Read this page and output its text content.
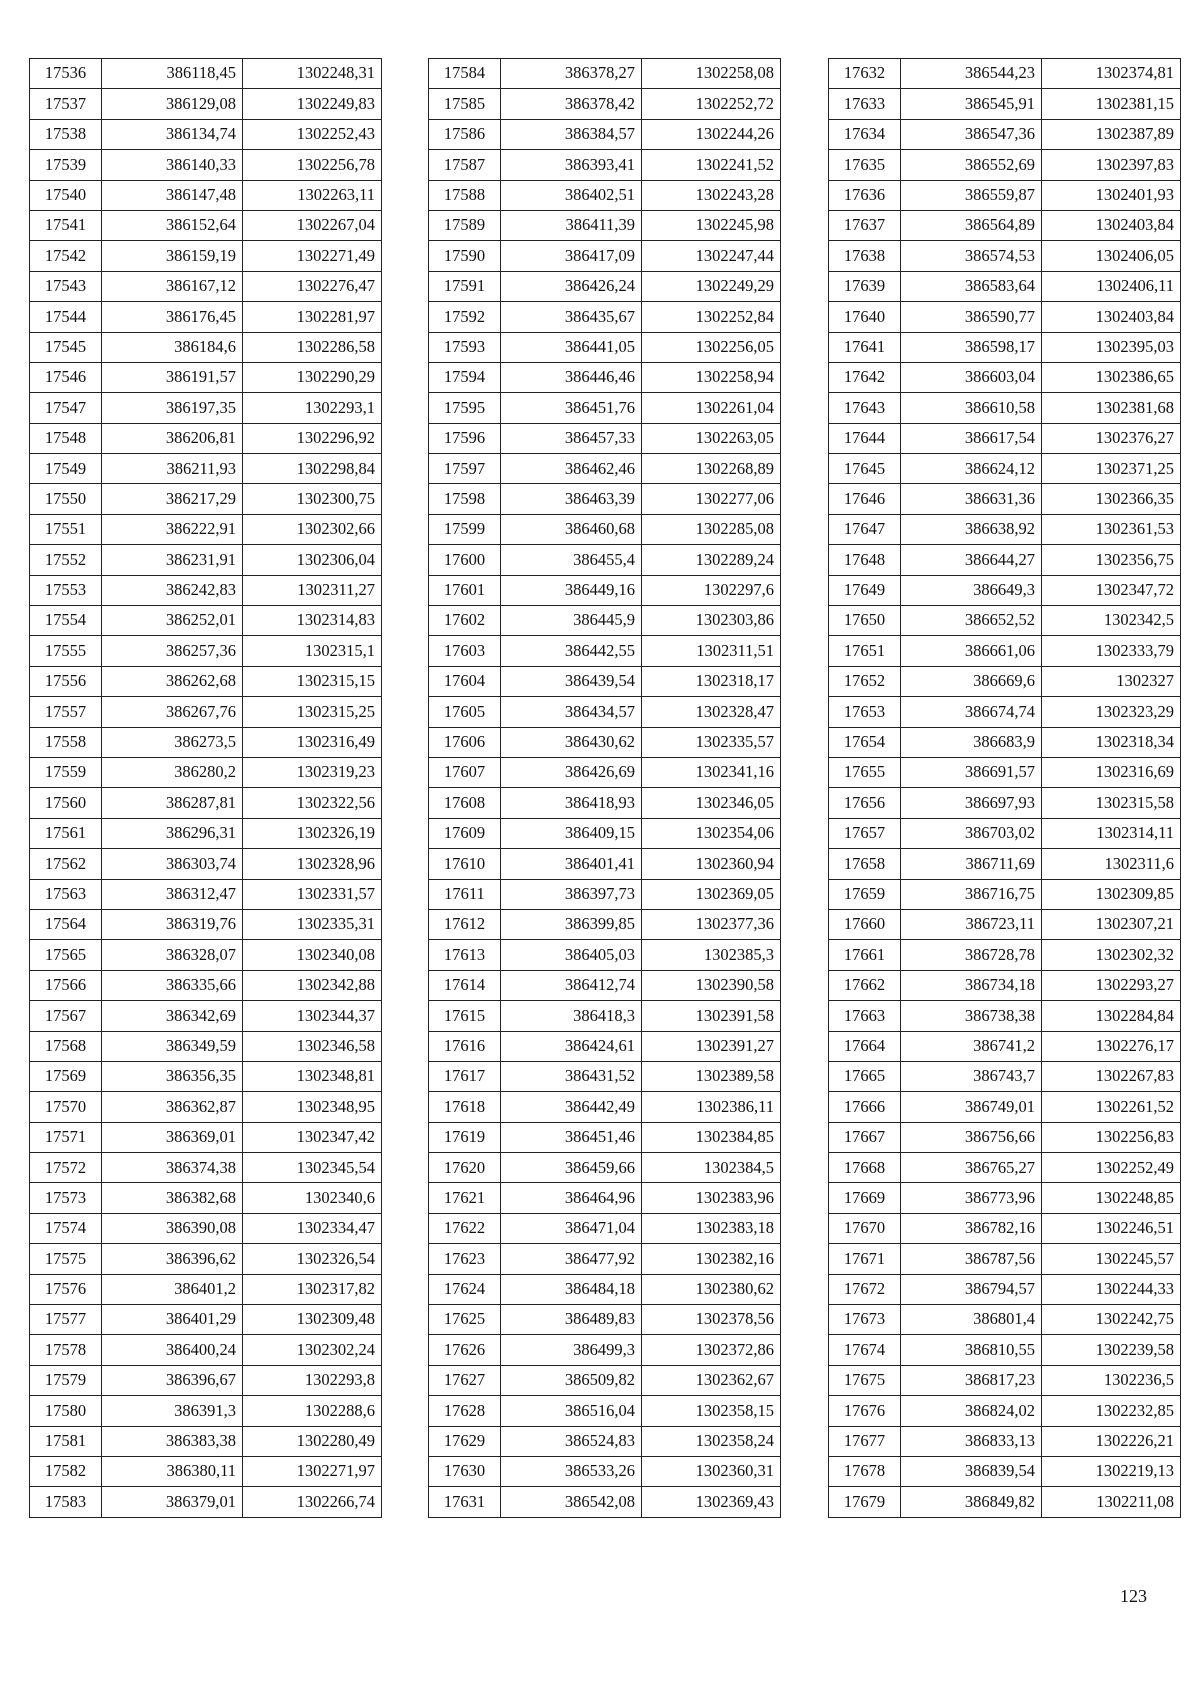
17536	386118,45	1302248,31
17537	386129,08	1302249,83
17538	386134,74	1302252,43
17539	386140,33	1302256,78
17540	386147,48	1302263,11
17541	386152,64	1302267,04
17542	386159,19	1302271,49
17543	386167,12	1302276,47
17544	386176,45	1302281,97
17545	386184,6	1302286,58
17546	386191,57	1302290,29
17547	386197,35	1302293,1
17548	386206,81	1302296,92
17549	386211,93	1302298,84
17550	386217,29	1302300,75
17551	386222,91	1302302,66
17552	386231,91	1302306,04
17553	386242,83	1302311,27
17554	386252,01	1302314,83
17555	386257,36	1302315,1
17556	386262,68	1302315,15
17557	386267,76	1302315,25
17558	386273,5	1302316,49
17559	386280,2	1302319,23
17560	386287,81	1302322,56
17561	386296,31	1302326,19
17562	386303,74	1302328,96
17563	386312,47	1302331,57
17564	386319,76	1302335,31
17565	386328,07	1302340,08
17566	386335,66	1302342,88
17567	386342,69	1302344,37
17568	386349,59	1302346,58
17569	386356,35	1302348,81
17570	386362,87	1302348,95
17571	386369,01	1302347,42
17572	386374,38	1302345,54
17573	386382,68	1302340,6
17574	386390,08	1302334,47
17575	386396,62	1302326,54
17576	386401,2	1302317,82
17577	386401,29	1302309,48
17578	386400,24	1302302,24
17579	386396,67	1302293,8
17580	386391,3	1302288,6
17581	386383,38	1302280,49
17582	386380,11	1302271,97
17583	386379,01	1302266,74
17584	386378,27	1302258,08
17585	386378,42	1302252,72
17586	386384,57	1302244,26
17587	386393,41	1302241,52
17588	386402,51	1302243,28
17589	386411,39	1302245,98
17590	386417,09	1302247,44
17591	386426,24	1302249,29
17592	386435,67	1302252,84
17593	386441,05	1302256,05
17594	386446,46	1302258,94
17595	386451,76	1302261,04
17596	386457,33	1302263,05
17597	386462,46	1302268,89
17598	386463,39	1302277,06
17599	386460,68	1302285,08
17600	386455,4	1302289,24
17601	386449,16	1302297,6
17602	386445,9	1302303,86
17603	386442,55	1302311,51
17604	386439,54	1302318,17
17605	386434,57	1302328,47
17606	386430,62	1302335,57
17607	386426,69	1302341,16
17608	386418,93	1302346,05
17609	386409,15	1302354,06
17610	386401,41	1302360,94
17611	386397,73	1302369,05
17612	386399,85	1302377,36
17613	386405,03	1302385,3
17614	386412,74	1302390,58
17615	386418,3	1302391,58
17616	386424,61	1302391,27
17617	386431,52	1302389,58
17618	386442,49	1302386,11
17619	386451,46	1302384,85
17620	386459,66	1302384,5
17621	386464,96	1302383,96
17622	386471,04	1302383,18
17623	386477,92	1302382,16
17624	386484,18	1302380,62
17625	386489,83	1302378,56
17626	386499,3	1302372,86
17627	386509,82	1302362,67
17628	386516,04	1302358,15
17629	386524,83	1302358,24
17630	386533,26	1302360,31
17631	386542,08	1302369,43
17632	386544,23	1302374,81
17633	386545,91	1302381,15
17634	386547,36	1302387,89
17635	386552,69	1302397,83
17636	386559,87	1302401,93
17637	386564,89	1302403,84
17638	386574,53	1302406,05
17639	386583,64	1302406,11
17640	386590,77	1302403,84
17641	386598,17	1302395,03
17642	386603,04	1302386,65
17643	386610,58	1302381,68
17644	386617,54	1302376,27
17645	386624,12	1302371,25
17646	386631,36	1302366,35
17647	386638,92	1302361,53
17648	386644,27	1302356,75
17649	386649,3	1302347,72
17650	386652,52	1302342,5
17651	386661,06	1302333,79
17652	386669,6	1302327
17653	386674,74	1302323,29
17654	386683,9	1302318,34
17655	386691,57	1302316,69
17656	386697,93	1302315,58
17657	386703,02	1302314,11
17658	386711,69	1302311,6
17659	386716,75	1302309,85
17660	386723,11	1302307,21
17661	386728,78	1302302,32
17662	386734,18	1302293,27
17663	386738,38	1302284,84
17664	386741,2	1302276,17
17665	386743,7	1302267,83
17666	386749,01	1302261,52
17667	386756,66	1302256,83
17668	386765,27	1302252,49
17669	386773,96	1302248,85
17670	386782,16	1302246,51
17671	386787,56	1302245,57
17672	386794,57	1302244,33
17673	386801,4	1302242,75
17674	386810,55	1302239,58
17675	386817,23	1302236,5
17676	386824,02	1302232,85
17677	386833,13	1302226,21
17678	386839,54	1302219,13
17679	386849,82	1302211,08
123
